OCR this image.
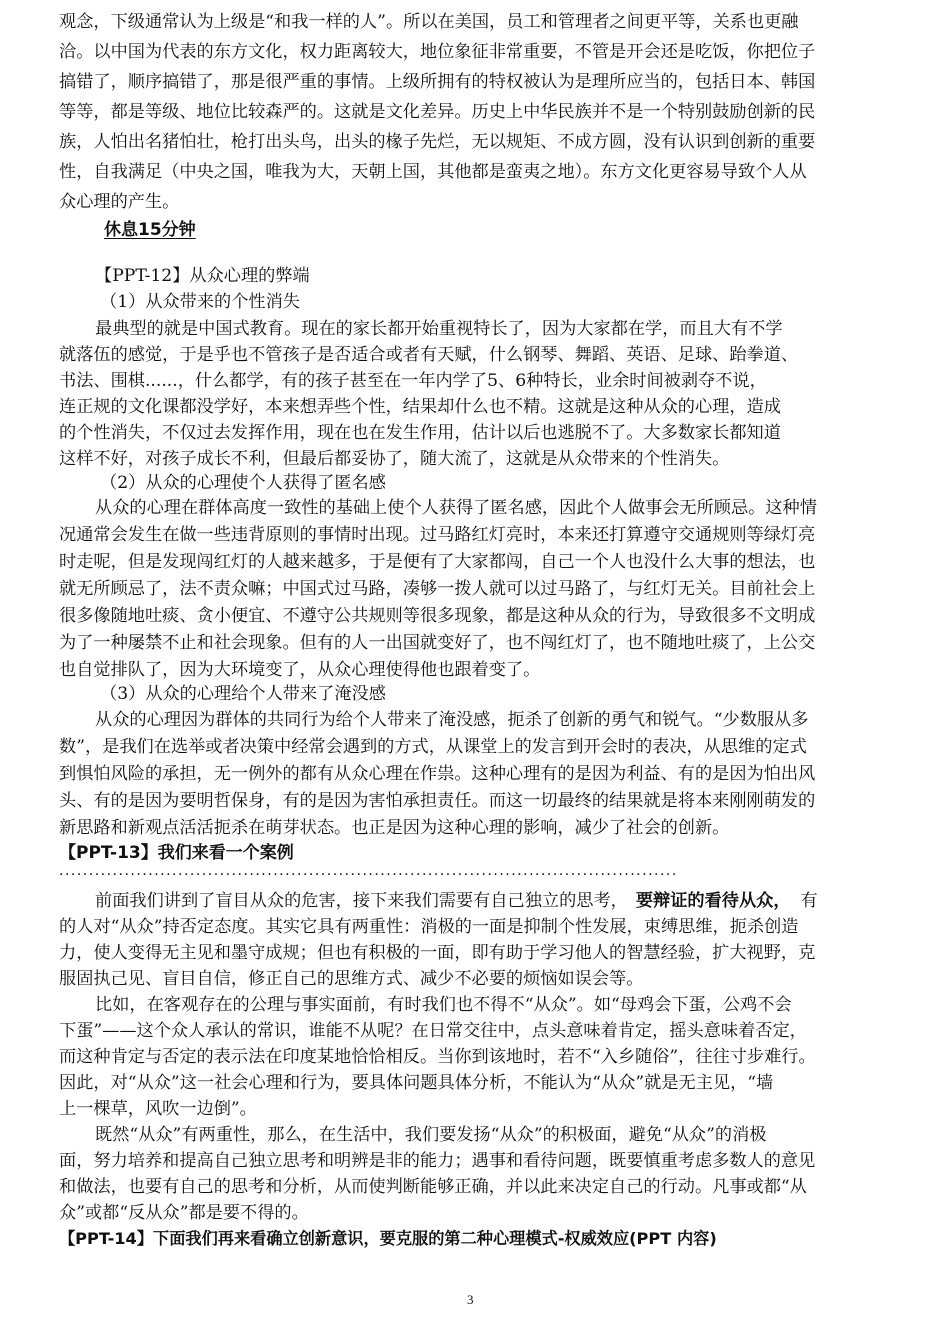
观念，下级通常认为上级是“和我一样的人”。所以在美国，员工和管理者之间更平等，关系也更融
洽。以中国为代表的东方文化，权力距离较大，地位象征非常重要，不管是开会还是吃饭，你把位子
搞错了，顺序搞错了，那是很严重的事情。上级所拥有的特权被认为是理所应当的，包括日本、韩国
等等，都是等级、地位比较森严的。这就是文化差异。历史上中华民族并不是一个特别鼓励创新的民
族，人怕出名猪怕壮，枪打出头鸟，出头的椽子先烂，无以规矩、不成方圆，没有认识到创新的重要
性，自我满足（中央之国，唯我为大，天朝上国，其他都是蛮夷之地）。东方文化更容易导致个人从
众心理的产生。
休息15分钟
【PPT-12】从众心理的弊端
（1）从众带来的个性消失
最典型的就是中国式教育。现在的家长都开始重视特长了，因为大家都在学，而且大有不学
就落伍的感觉，于是乎也不管孩子是否适合或者有天赋，什么钢琴、舞蹈、英语、足球、跆拳道、
书法、围棋......，什么都学，有的孩子甚至在一年内学了5、6种特长，业余时间被剥夺不说，
连正规的文化课都没学好，本来想弄些个性，结果却什么也不精。这就是这种从众的心理，造成
的个性消失，不仅过去发挥作用，现在也在发生作用，估计以后也逃脱不了。大多数家长都知道
这样不好，对孩子成长不利，但最后都妥协了，随大流了，这就是从众带来的个性消失。
（2）从众的心理使个人获得了匿名感
从众的心理在群体高度一致性的基础上使个人获得了匿名感，因此个人做事会无所顾忌。这种情
况通常会发生在做一些违背原则的事情时出现。过马路红灯亮时，本来还打算遵守交通规则等绿灯亮
时走呢，但是发现闯红灯的人越来越多，于是便有了大家都闯，自己一个人也没什么大事的想法，也
就无所顾忌了，法不责众嘛；中国式过马路，凑够一拨人就可以过马路了，与红灯无关。目前社会上
很多像随地吐痰、贪小便宜、不遵守公共规则等很多现象，都是这种从众的行为，导致很多不文明成
为了一种屡禁不止和社会现象。但有的人一出国就变好了，也不闯红灯了，也不随地吐痰了，上公交
也自觉排队了，因为大环境变了，从众心理使得他也跟着变了。
（3）从众的心理给个人带来了淹没感
从众的心理因为群体的共同行为给个人带来了淹没感，扼杀了创新的勇气和锐气。“少数服从多
数”，是我们在选举或者决策中经常会遇到的方式，从课堂上的发言到开会时的表决，从思维的定式
到惧怕风险的承担，无一例外的都有从众心理在作祟。这种心理有的是因为利益、有的是因为怕出风
头、有的是因为要明哲保身，有的是因为害怕承担责任。而这一切最终的结果就是将本来刚刚萌发的
新思路和新观点活活扼杀在萌芽状态。也正是因为这种心理的影响，减少了社会的创新。
【PPT-13】我们来看一个案例
........................................................................................................
前面我们讲到了盲目从众的危害，接下来我们需要有自己独立的思考， 要辩证的看待从众， 有
的人对“从众”持否定态度。其实它具有两重性：消极的一面是抑制个性发展，束缚思维，扼杀创造
力，使人变得无主见和墨守成规；但也有积极的一面，即有助于学习他人的智慧经验，扩大视野，克
服固执己见、盲目自信，修正自己的思维方式、减少不必要的烦恼如误会等。
比如，在客观存在的公理与事实面前，有时我们也不得不“从众”。如“母鸡会下蛋，公鸡不会
下蛋”——这个众人承认的常识，谁能不从呢？在日常交往中，点头意味着肯定，摇头意味着否定，
而这种肯定与否定的表示法在印度某地恰恰相反。当你到该地时，若不“入乡随俗”，往往寸步难行。
因此，对“从众”这一社会心理和行为，要具体问题具体分析，不能认为“从众”就是无主见，“墙
上一棵草，风吹一边倒”。
既然“从众”有两重性，那么，在生活中，我们要发扬“从众”的积极面，避免“从众”的消极
面，努力培养和提高自己独立思考和明辨是非的能力；遇事和看待问题，既要慎重考虑多数人的意见
和做法，也要有自己的思考和分析，从而使判断能够正确，并以此来决定自己的行动。凡事或都“从
众”或都“反从众”都是要不得的。
【PPT-14】下面我们再来看确立创新意识，要克服的第二种心理模式-权威效应(PPT 内容)
3
